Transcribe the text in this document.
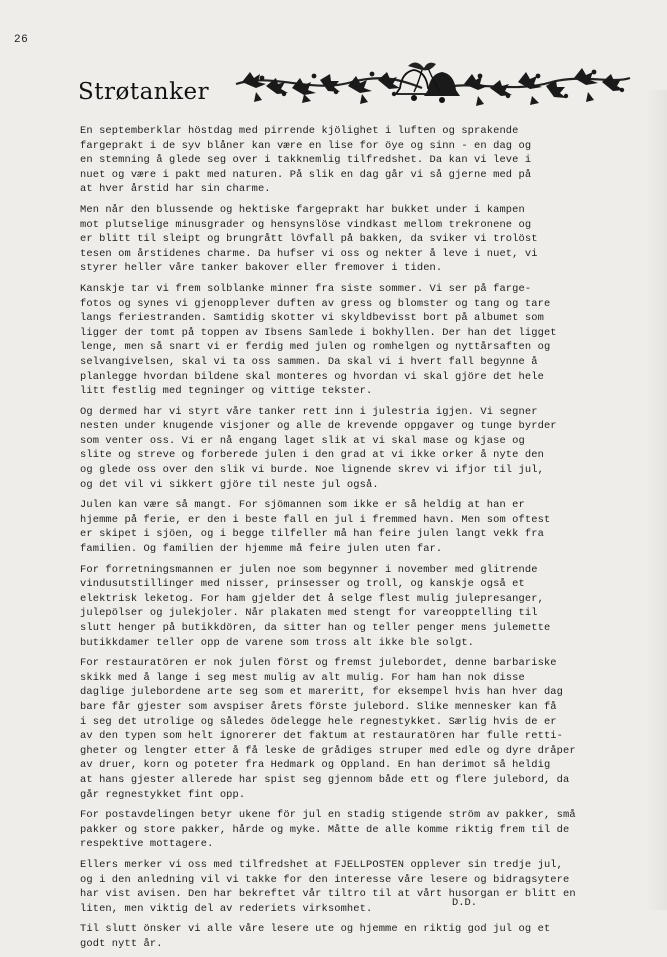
26
Strøtanker

En septemberklar höstdag med pirrende kjölighet i luften og sprakende
fargeprakt i de syv blåner kan være en lise for öye og sinn - en dag og
en stemning å glede seg over i takknemlig tilfredshet. Da kan vi leve i
nuet og være i pakt med naturen. På slik en dag går vi så gjerne med på
at hver årstid har sin charme.

Men når den blussende og hektiske fargeprakt har bukket under i kampen
mot plutselige minusgrader og hensynslöse vindkast mellom trekronene og
er blitt til sleipt og brungrått lövfall på bakken, da sviker vi trolöst
tesen om årstidenes charme. Da hufser vi oss og nekter å leve i nuet, vi
styrer heller våre tanker bakover eller fremover i tiden.

Kanskje tar vi frem solblanke minner fra siste sommer. Vi ser på farge-
fotos og synes vi gjenopplever duften av gress og blomster og tang og tare
langs feriestranden. Samtidig skotter vi skyldbevisst bort på albumet som
ligger der tomt på toppen av Ibsens Samlede i bokhyllen. Der han det ligget
lenge, men så snart vi er ferdig med julen og romhelgen og nyttårsaften og
selvangivelsen, skal vi ta oss sammen. Da skal vi i hvert fall begynne å
planlegge hvordan bildene skal monteres og hvordan vi skal gjöre det hele
litt festlig med tegninger og vittige tekster.

Og dermed har vi styrt våre tanker rett inn i julestria igjen. Vi segner
nesten under knugende visjoner og alle de krevende oppgaver og tunge byrder
som venter oss. Vi er nå engang laget slik at vi skal mase og kjase og
slite og streve og forberede julen i den grad at vi ikke orker å nyte den
og glede oss over den slik vi burde. Noe lignende skrev vi ifjor til jul,
og det vil vi sikkert gjöre til neste jul også.

Julen kan være så mangt. For sjömannen som ikke er så heldig at han er
hjemme på ferie, er den i beste fall en jul i fremmed havn. Men som oftest
er skipet i sjöen, og i begge tilfeller må han feire julen langt vekk fra
familien. Og familien der hjemme må feire julen uten far.

For forretningsmannen er julen noe som begynner i november med glitrende
vindusutstillinger med nisser, prinsesser og troll, og kanskje også et
elektrisk leketog. For ham gjelder det å selge flest mulig julepresanger,
julepölser og julekjoler. Når plakaten med stengt for vareopptelling til
slutt henger på butikkdören, da sitter han og teller penger mens julemette
butikkdamer teller opp de varene som tross alt ikke ble solgt.

For restauratören er nok julen först og fremst julebordet, denne barbariske
skikk med å lange i seg mest mulig av alt mulig. For ham han nok disse
daglige julebordene arte seg som et mareritt, for eksempel hvis han hver dag
bare får gjester som avspiser årets förste julebord. Slike mennesker kan få
i seg det utrolige og således ödelegge hele regnestykket. Særlig hvis de er
av den typen som helt ignorerer det faktum at restauratören har fulle retti-
gheter og lengter etter å få leske de grådiges struper med edle og dyre dråper
av druer, korn og poteter fra Hedmark og Oppland. En han derimot så heldig
at hans gjester allerede har spist seg gjennom både ett og flere julebord, da
går regnestykket fint opp.

For postavdelingen betyr ukene för jul en stadig stigende ström av pakker, små
pakker og store pakker, hårde og myke. Måtte de alle komme riktig frem til de
respektive mottagere.

Ellers merker vi oss med tilfredshet at FJELLPOSTEN opplever sin tredje jul,
og i den anledning vil vi takke for den interesse våre lesere og bidragsytere
har vist avisen. Den har bekreftet vår tiltro til at vårt husorgan er blitt en
liten, men viktig del av rederiets virksomhet.

Til slutt önsker vi alle våre lesere ute og hjemme en riktig god jul og et
godt nytt år.

D.D.
